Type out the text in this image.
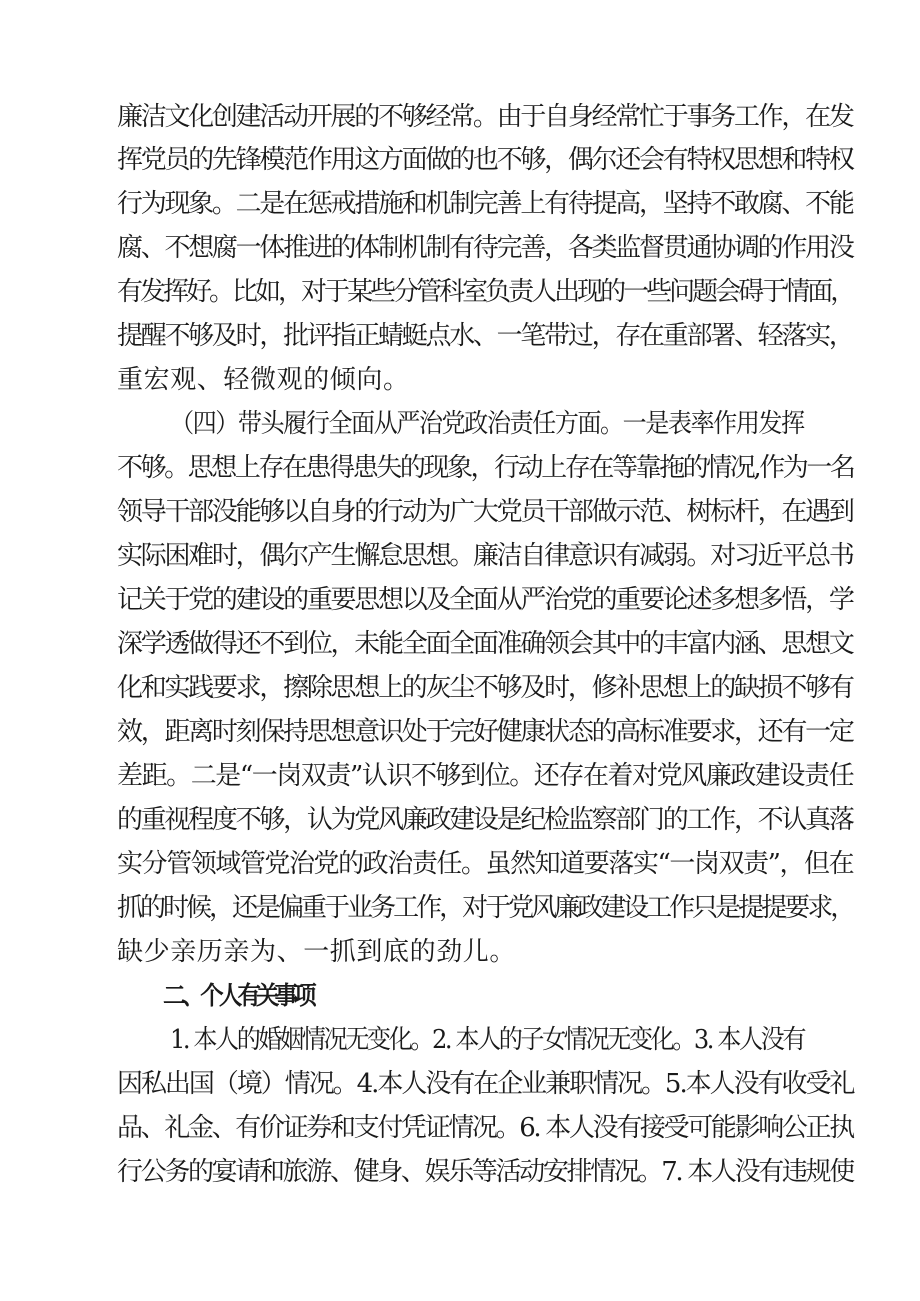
廉洁文化创建活动开展的不够经常。由于自身经常忙于事务工作，在发
挥党员的先锋模范作用这方面做的也不够，偶尔还会有特权思想和特权
行为现象。二是在惩戒措施和机制完善上有待提高，坚持不敢腐、不能
腐、不想腐一体推进的体制机制有待完善，各类监督贯通协调的作用没
有发挥好。比如，对于某些分管科室负责人出现的一些问题会碍于情面，
提醒不够及时，批评指正蜻蜓点水、一笔带过，存在重部署、轻落实，
重宏观、轻微观的倾向。
（四）带头履行全面从严治党政治责任方面。一是表率作用发挥
不够。思想上存在患得患失的现象，行动上存在等靠拖的情况,作为一名
领导干部没能够以自身的行动为广大党员干部做示范、树标杆，在遇到
实际困难时，偶尔产生懈怠思想。廉洁自律意识有减弱。对习近平总书
记关于党的建设的重要思想以及全面从严治党的重要论述多想多悟，学
深学透做得还不到位，未能全面全面准确领会其中的丰富内涵、思想文
化和实践要求，擦除思想上的灰尘不够及时，修补思想上的缺损不够有
效，距离时刻保持思想意识处于完好健康状态的高标准要求，还有一定
差距。二是“一岗双责”认识不够到位。还存在着对党风廉政建设责任
的重视程度不够，认为党风廉政建设是纪检监察部门的工作，不认真落
实分管领域管党治党的政治责任。虽然知道要落实“一岗双责”，但在
抓的时候，还是偏重于业务工作，对于党风廉政建设工作只是提提要求，
缺少亲历亲为、一抓到底的劲儿。
二、个人有关事项
1. 本人的婚姻情况无变化。2. 本人的子女情况无变化。3. 本人没有
因私出国（境）情况。4.本人没有在企业兼职情况。5.本人没有收受礼
品、礼金、有价证券和支付凭证情况。6. 本人没有接受可能影响公正执
行公务的宴请和旅游、健身、娱乐等活动安排情况。7. 本人没有违规使
